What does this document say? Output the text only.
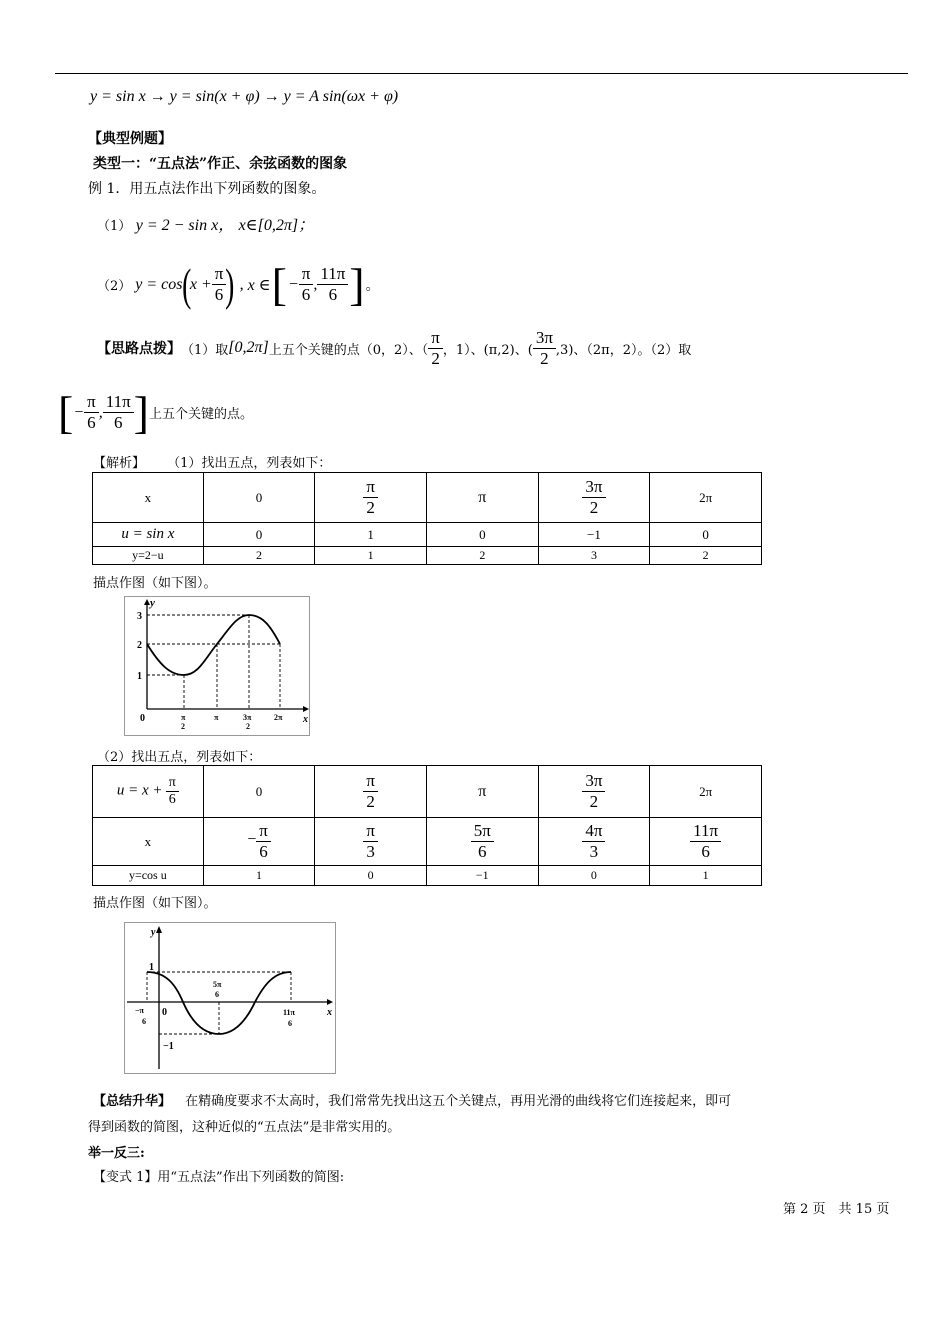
y = sin x → y = sin(x + φ) → y = A sin(ωx + φ)
【典型例题】
类型一：“五点法”作正、余弦函数的图象
例 1．用五点法作出下列函数的图象。
（1） y = 2 − sin x， x∈[0,2π]；
（2） y = cos ( $x + \frac{\pi}{6}$ ) , x ∈ [ − $\frac{\pi}{6}$ , $\frac{11\pi}{6}$ ] 。
【思路点拨】 （1）取 [0,2π] 上五个关键的点（0，2）、（ $\frac{\pi}{2}$ ，1）、(π,2)、( $\frac{3\pi}{2} ,3$)、（2π，2）。（2）取
[ − $\frac{\pi}{6}$ , $\frac{11\pi}{6}$ ] 上五个关键的点。
【解析】 （1）找出五点，列表如下：
x	0	$\frac{\pi}{2}$	π	$\frac{3\pi}{2}$	2π
u = sin x	0	1	0	−1	0
y=2−u	2	1	2	3	2
描点作图（如下图）。
y
x
3
2
1
0	π 2
π	3π 2
2π
（2）找出五点，列表如下：
$u = x + \frac{\pi}{6}$	0	$\frac{\pi}{2}$	π	$\frac{3\pi}{2}$	2π
x	− $\frac{\pi}{6}$	$\frac{\pi}{3}$	$\frac{5\pi}{6}$	$\frac{4\pi}{3}$	$\frac{11\pi}{6}$

y=cos u	1	0	−1	0	1
描点作图（如下图）。
y
x
1
−1
0
5π 6
−π 6
11π 6
【总结升华】 在精确度要求不太高时，我们常常先找出这五个关键点，再用光滑的曲线将它们连接起来，即可
得到函数的简图，这种近似的“五点法”是非常实用的。
举一反三:
【变式 1】用“五点法”作出下列函数的简图:
第 2 页　共 15 页
